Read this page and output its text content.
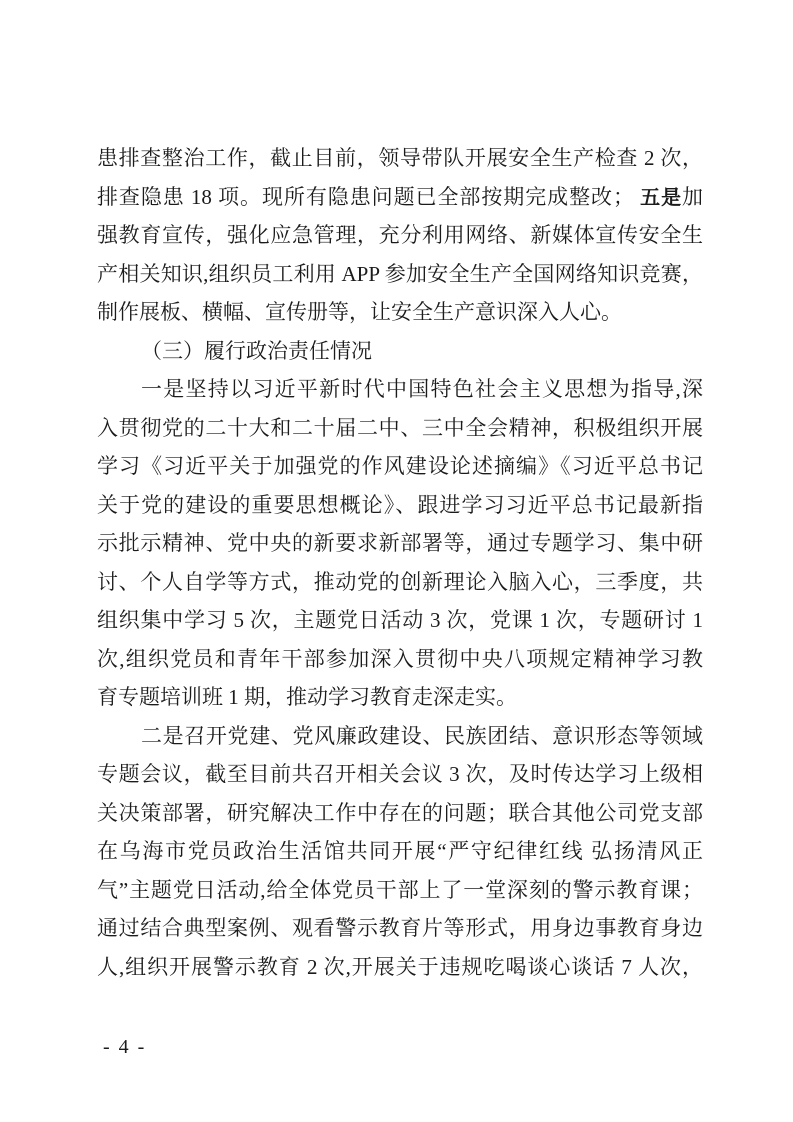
患排查整治工作，截止目前，领导带队开展安全生产检查 2 次，
排查隐患 18 项。现所有隐患问题已全部按期完成整改； 五是加
强教育宣传，强化应急管理，充分利用网络、新媒体宣传安全生
产相关知识,组织员工利用 APP 参加安全生产全国网络知识竞赛，
制作展板、横幅、宣传册等，让安全生产意识深入人心。
（三）履行政治责任情况
一是坚持以习近平新时代中国特色社会主义思想为指导,深
入贯彻党的二十大和二十届二中、三中全会精神，积极组织开展
学习《习近平关于加强党的作风建设论述摘编》《习近平总书记
关于党的建设的重要思想概论》、跟进学习习近平总书记最新指
示批示精神、党中央的新要求新部署等，通过专题学习、集中研
讨、个人自学等方式，推动党的创新理论入脑入心，三季度，共
组织集中学习 5 次，主题党日活动 3 次，党课 1 次，专题研讨 1
次,组织党员和青年干部参加深入贯彻中央八项规定精神学习教
育专题培训班 1 期，推动学习教育走深走实。
二是召开党建、党风廉政建设、民族团结、意识形态等领域
专题会议，截至目前共召开相关会议 3 次，及时传达学习上级相
关决策部署，研究解决工作中存在的问题；联合其他公司党支部
在乌海市党员政治生活馆共同开展“严守纪律红线 弘扬清风正
气”主题党日活动,给全体党员干部上了一堂深刻的警示教育课；
通过结合典型案例、观看警示教育片等形式，用身边事教育身边
人,组织开展警示教育 2 次,开展关于违规吃喝谈心谈话 7 人次，
- 4 -
